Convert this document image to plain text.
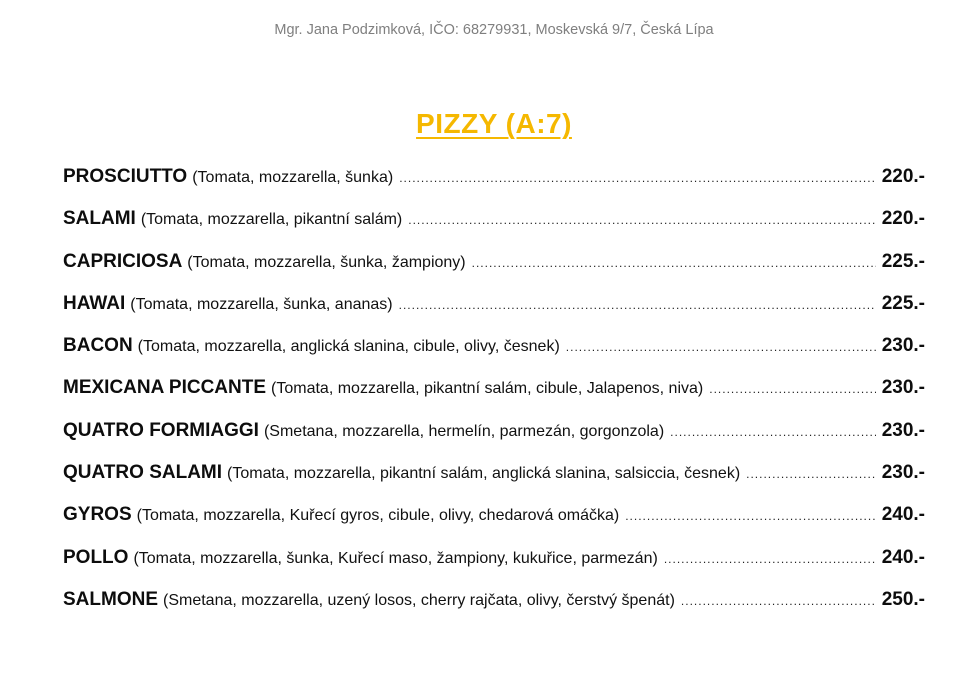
Mgr. Jana Podzimková, IČO: 68279931, Moskevská 9/7, Česká Lípa
PIZZY (A:7)
PROSCIUTTO (Tomata, mozzarella, šunka) .....	220.-
SALAMI (Tomata, mozzarella, pikantní salám) .....	220.-
CAPRICIOSA (Tomata, mozzarella, šunka, žampiony) .....	225.-
HAWAI (Tomata, mozzarella, šunka, ananas) .....	225.-
BACON (Tomata, mozzarella, anglická slanina, cibule, olivy, česnek) .....	230.-
MEXICANA PICCANTE (Tomata, mozzarella, pikantní salám, cibule, Jalapenos, niva) .....	230.-
QUATRO FORMIAGGI (Smetana, mozzarella, hermelín, parmezán, gorgonzola) .....	230.-
QUATRO SALAMI (Tomata, mozzarella, pikantní salám, anglická slanina, salsiccia, česnek) .....	230.-
GYROS (Tomata, mozzarella, Kuřecí gyros, cibule, olivy, chedarová omáčka) .....	240.-
POLLO (Tomata, mozzarella, šunka, Kuřecí maso, žampiony, kukuřice, parmezán) .....	240.-
SALMONE (Smetana, mozzarella, uzený losos, cherry rajčata, olivy, čerstvý špenát) .....	250.-
